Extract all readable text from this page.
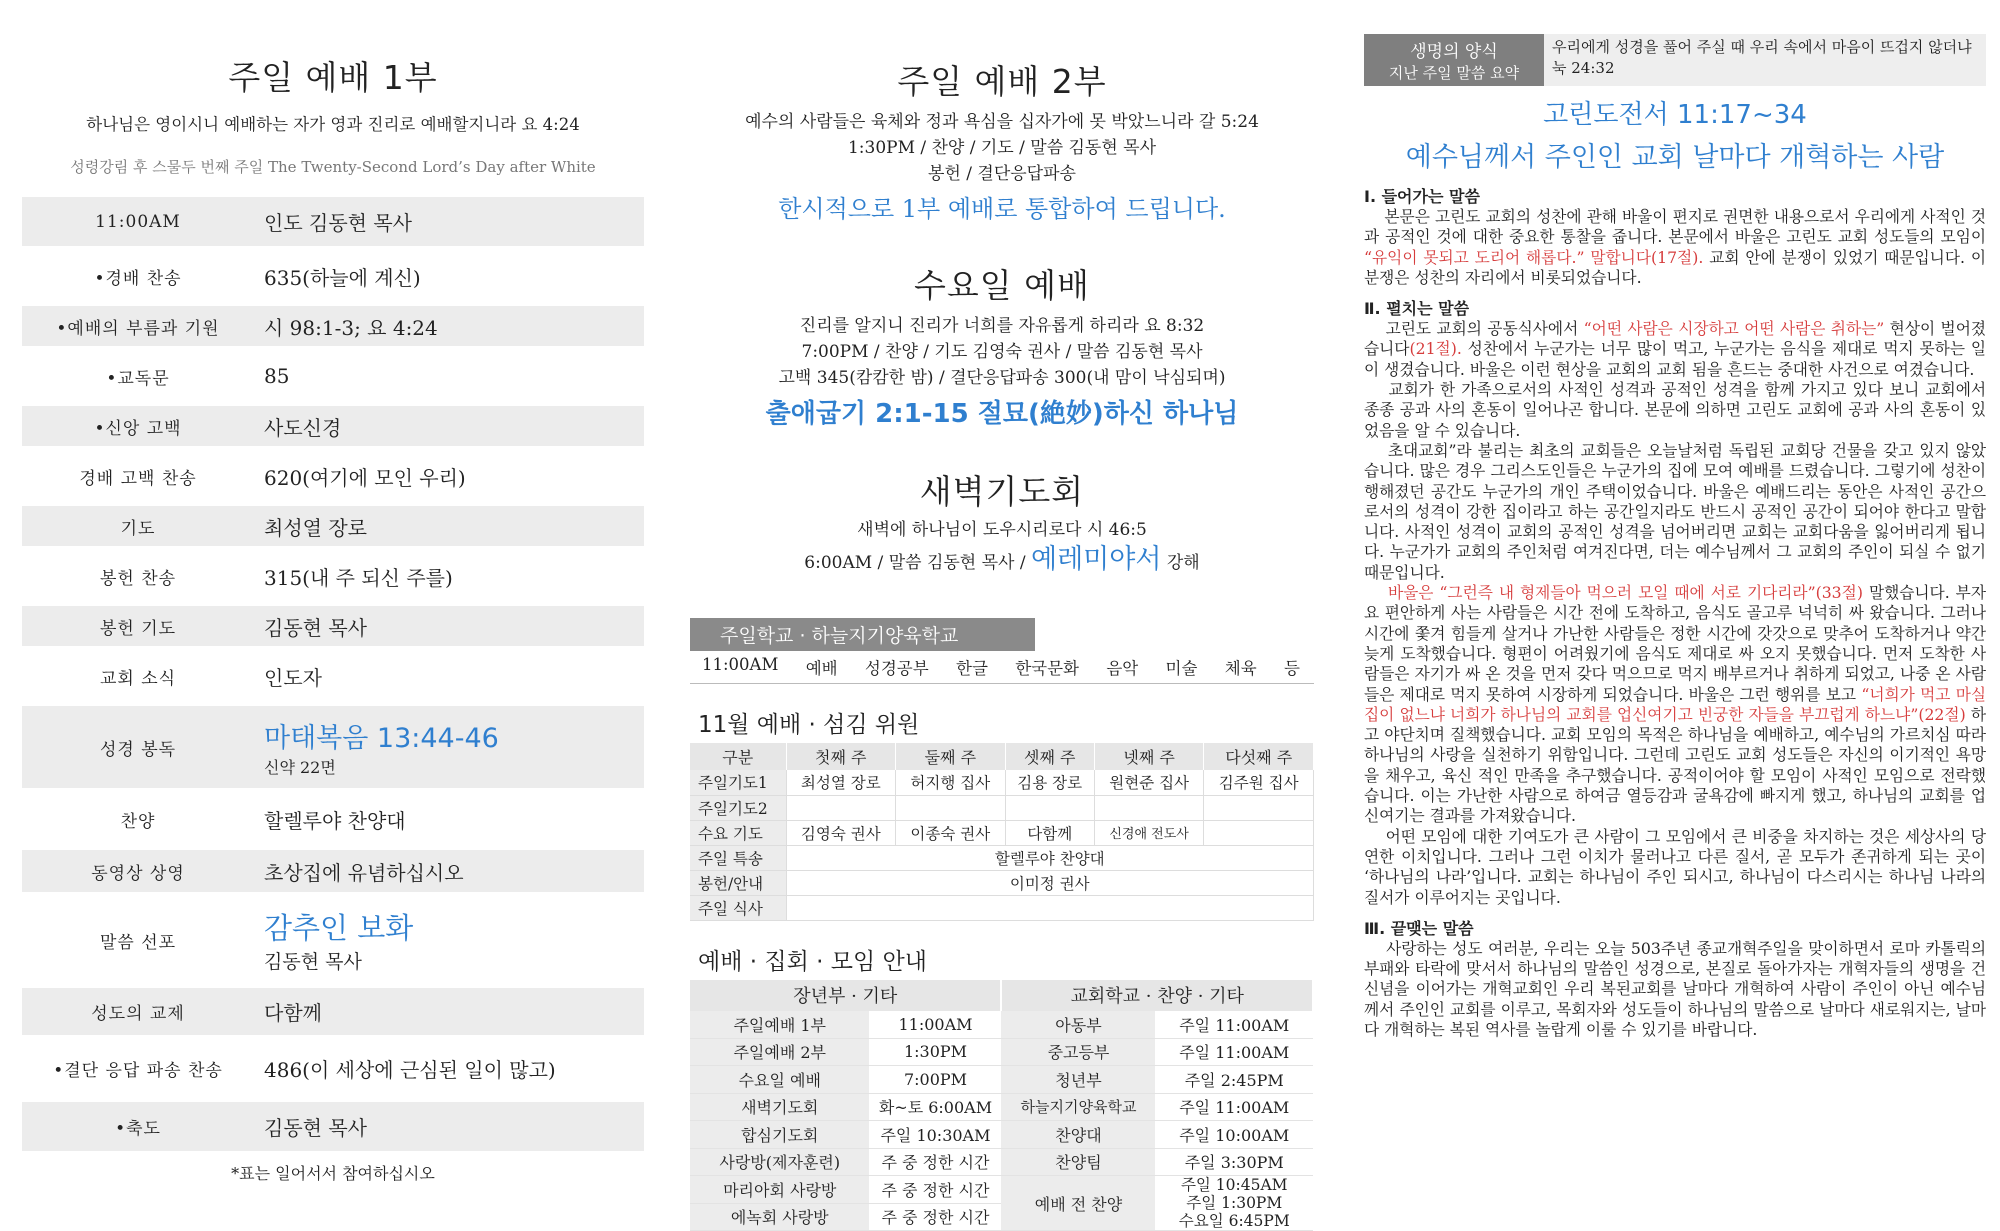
주일 예배 1부
하나님은 영이시니 예배하는 자가 영과 진리로 예배할지니라 요 4:24
성령강림 후 스물두 번째 주일 The Twenty-Second Lord’s Day after White
11:00AM	인도 김동현 목사
•경배 찬송	635(하늘에 계신)
•예배의 부름과 기원	시 98:1-3; 요 4:24
•교독문	85
•신앙 고백	사도신경
경배 고백 찬송	620(여기에 모인 우리)
기도	최성열 장로
봉헌 찬송	315(내 주 되신 주를)
봉헌 기도	김동현 목사
교회 소식	인도자
성경 봉독	마태복음 13:44-46
신약 22면
찬양	할렐루야 찬양대
동영상 상영	초상집에 유념하십시오
말씀 선포	감추인 보화
김동현 목사
성도의 교제	다함께
•결단 응답 파송 찬송	486(이 세상에 근심된 일이 많고)
•축도	김동현 목사
*표는 일어서서 참여하십시오
주일 예배 2부
예수의 사람들은 육체와 정과 욕심을 십자가에 못 박았느니라 갈 5:24
1:30PM / 찬양 / 기도 / 말씀 김동현 목사
봉헌 / 결단응답파송
한시적으로 1부 예배로 통합하여 드립니다.
수요일 예배
진리를 알지니 진리가 너희를 자유롭게 하리라 요 8:32
7:00PM / 찬양 / 기도 김영숙 권사 / 말씀 김동현 목사
고백 345(캄캄한 밤) / 결단응답파송 300(내 맘이 낙심되며)
출애굽기 2:1-15 절묘(絶妙)하신 하나님
새벽기도회
새벽에 하나님이 도우시리로다 시 46:5
6:00AM / 말씀 김동현 목사 / 예레미야서 강해
주일학교 · 하늘지기양육학교
11:00AM 예배 성경공부 한글 한국문화 음악 미술 체육 등
11월 예배 · 섬김 위원
구분	첫째 주	둘째 주	셋째 주	넷째 주	다섯째 주
주일기도1	최성열 장로	허지행 집사	김용 장로	원현준 집사	김주원 집사
주일기도2					
수요 기도	김영숙 권사	이종숙 권사	다함께	신경애 전도사	
주일 특송	할렐루야 찬양대				
봉헌/안내	이미정 권사				
주일 식사					
예배 · 집회 · 모임 안내
장년부 · 기타		교회학교 · 찬양 · 기타	
주일예배 1부	11:00AM	아동부	주일 11:00AM
주일예배 2부	1:30PM	중고등부	주일 11:00AM
수요일 예배	7:00PM	청년부	주일 2:45PM
새벽기도회	화~토 6:00AM	하늘지기양육학교	주일 11:00AM
합심기도회	주일 10:30AM	찬양대	주일 10:00AM
사랑방(제자훈련)	주 중 정한 시간	찬양팀	주일 3:30PM
마리아회 사랑방	주 중 정한 시간	예배 전 찬양	주일 10:45AM
주일 1:30PM
수요일 6:45PM

에녹회 사랑방	주 중 정한 시간		
생명의 양식
지난 주일 말씀 요약
우리에게 성경을 풀어 주실 때 우리 속에서 마음이 뜨겁지 않더냐 눅 24:32
고린도전서 11:17~34
예수님께서 주인인 교회 날마다 개혁하는 사람
Ⅰ. 들어가는 말씀
본문은 고린도 교회의 성찬에 관해 바울이 편지로 권면한 내용으로서 우리에게 사적인 것과 공적인 것에 대한 중요한 통찰을 줍니다. 본문에서 바울은 고린도 교회 성도들의 모임이 “유익이 못되고 도리어 해롭다.” 말합니다(17절). 교회 안에 분쟁이 있었기 때문입니다. 이 분쟁은 성찬의 자리에서 비롯되었습니다.
Ⅱ. 펼치는 말씀
고린도 교회의 공동식사에서 “어떤 사람은 시장하고 어떤 사람은 취하는” 현상이 벌어졌습니다(21절). 성찬에서 누군가는 너무 많이 먹고, 누군가는 음식을 제대로 먹지 못하는 일이 생겼습니다. 바울은 이런 현상을 교회의 교회 됨을 흔드는 중대한 사건으로 여겼습니다.
교회가 한 가족으로서의 사적인 성격과 공적인 성격을 함께 가지고 있다 보니 교회에서 종종 공과 사의 혼동이 일어나곤 합니다. 본문에 의하면 고린도 교회에 공과 사의 혼동이 있었음을 알 수 있습니다.
초대교회”라 불리는 최초의 교회들은 오늘날처럼 독립된 교회당 건물을 갖고 있지 않았습니다. 많은 경우 그리스도인들은 누군가의 집에 모여 예배를 드렸습니다. 그렇기에 성찬이 행해졌던 공간도 누군가의 개인 주택이었습니다. 바울은 예배드리는 동안은 사적인 공간으로서의 성격이 강한 집이라고 하는 공간일지라도 반드시 공적인 공간이 되어야 한다고 말합니다. 사적인 성격이 교회의 공적인 성격을 넘어버리면 교회는 교회다움을 잃어버리게 됩니다. 누군가가 교회의 주인처럼 여겨진다면, 더는 예수님께서 그 교회의 주인이 되실 수 없기 때문입니다.
바울은 “그런즉 내 형제들아 먹으러 모일 때에 서로 기다리라”(33절) 말했습니다. 부자요 편안하게 사는 사람들은 시간 전에 도착하고, 음식도 골고루 넉넉히 싸 왔습니다. 그러나 시간에 쫓겨 힘들게 살거나 가난한 사람들은 정한 시간에 갓갓으로 맞추어 도착하거나 약간 늦게 도착했습니다. 형편이 어려웠기에 음식도 제대로 싸 오지 못했습니다. 먼저 도착한 사람들은 자기가 싸 온 것을 먼저 갖다 먹으므로 먹지 배부르거나 취하게 되었고, 나중 온 사람들은 제대로 먹지 못하여 시장하게 되었습니다. 바울은 그런 행위를 보고 “너희가 먹고 마실 집이 없느냐 너희가 하나님의 교회를 업신여기고 빈궁한 자들을 부끄럽게 하느냐”(22절) 하고 야단치며 질책했습니다. 교회 모임의 목적은 하나님을 예배하고, 예수님의 가르치심 따라 하나님의 사랑을 실천하기 위함입니다. 그런데 고린도 교회 성도들은 자신의 이기적인 욕망을 채우고, 육신 적인 만족을 추구했습니다. 공적이어야 할 모임이 사적인 모임으로 전락했습니다. 이는 가난한 사람으로 하여금 열등감과 굴욕감에 빠지게 했고, 하나님의 교회를 업신여기는 결과를 가져왔습니다.
어떤 모임에 대한 기여도가 큰 사람이 그 모임에서 큰 비중을 차지하는 것은 세상사의 당연한 이치입니다. 그러나 그런 이치가 물러나고 다른 질서, 곧 모두가 존귀하게 되는 곳이 ‘하나님의 나라’입니다. 교회는 하나님이 주인 되시고, 하나님이 다스리시는 하나님 나라의 질서가 이루어지는 곳입니다.
Ⅲ. 끝맺는 말씀
사랑하는 성도 여러분, 우리는 오늘 503주년 종교개혁주일을 맞이하면서 로마 카톨릭의 부패와 타락에 맞서서 하나님의 말씀인 성경으로, 본질로 돌아가자는 개혁자들의 생명을 건 신념을 이어가는 개혁교회인 우리 복된교회를 날마다 개혁하여 사람이 주인이 아닌 예수님께서 주인인 교회를 이루고, 목회자와 성도들이 하나님의 말씀으로 날마다 새로워지는, 날마다 개혁하는 복된 역사를 놀랍게 이룰 수 있기를 바랍니다.
